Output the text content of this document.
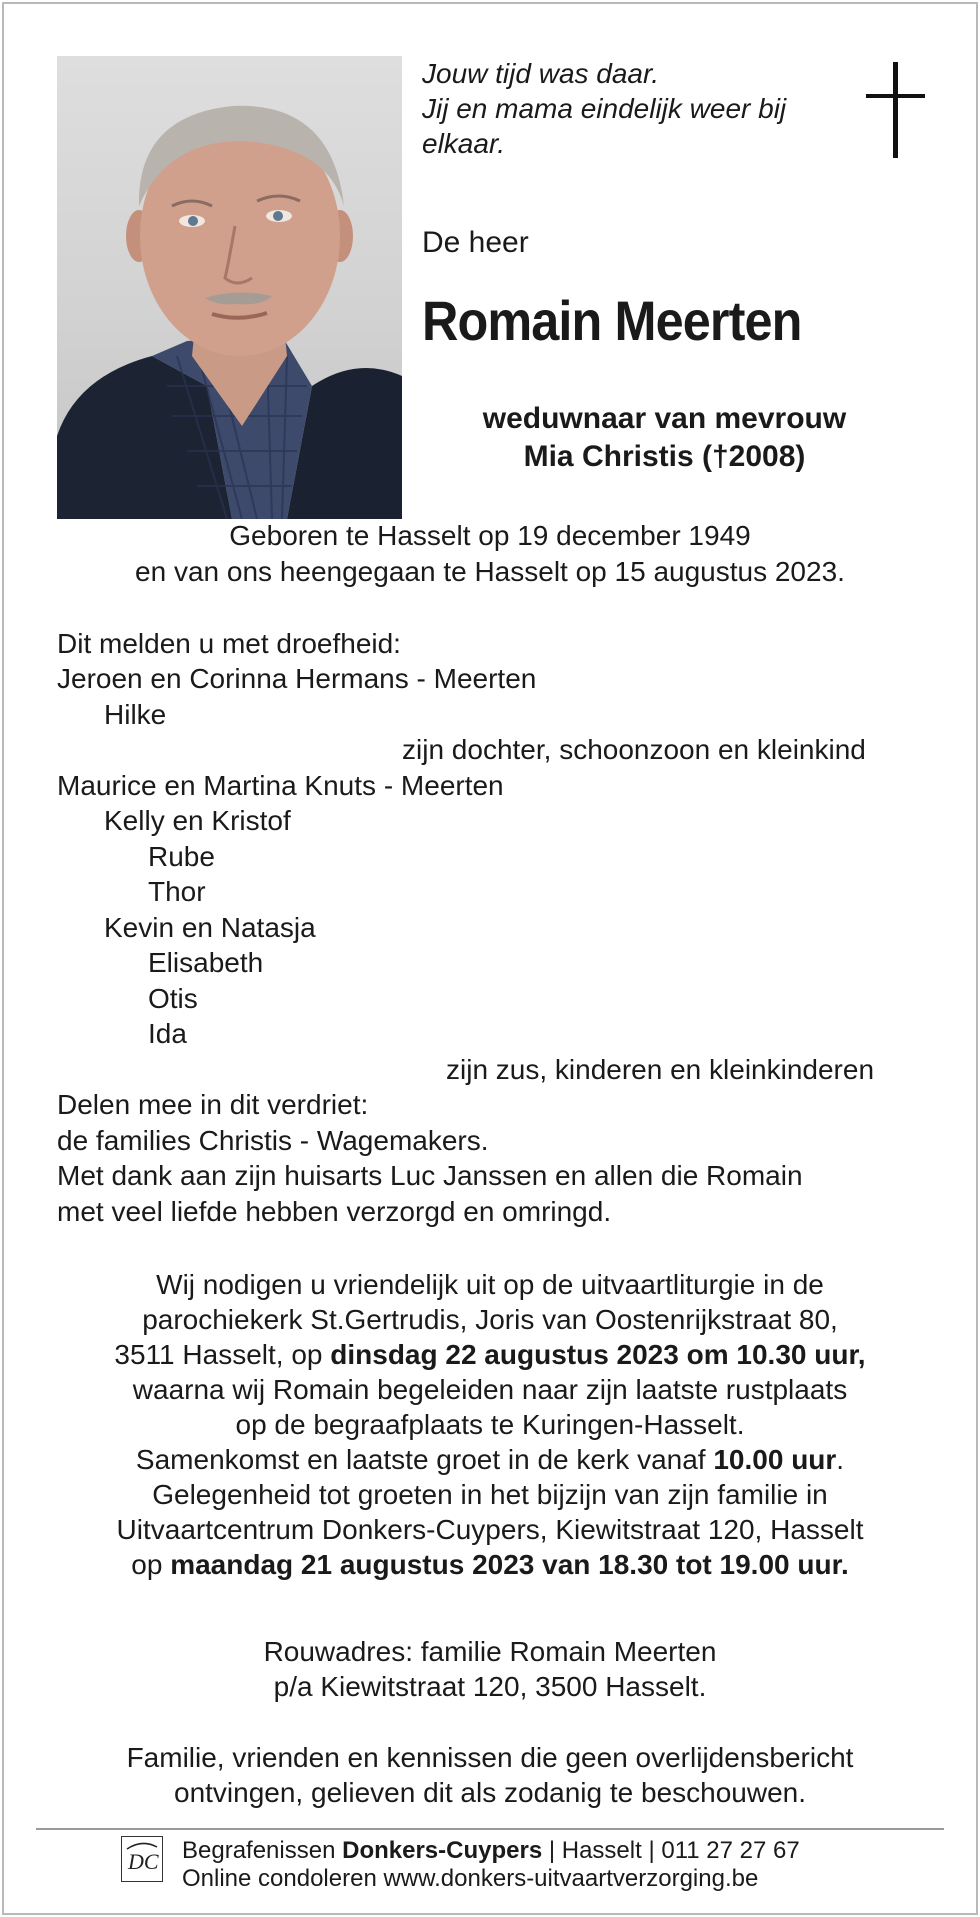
Jouw tijd was daar.
Jij en mama eindelijk weer bij
elkaar.

De heer

Romain Meerten

weduwnaar van mevrouw
Mia Christis (†2008)

Geboren te Hasselt op 19 december 1949
en van ons heengegaan te Hasselt op 15 augustus 2023.

Dit melden u met droefheid:

Jeroen en Corinna Hermans - Meerten

Hilke

zijn dochter, schoonzoon en kleinkind

Maurice en Martina Knuts - Meerten

Kelly en Kristof

Rube

Thor

Kevin en Natasja

Elisabeth

Otis

Ida

zijn zus, kinderen en kleinkinderen

Delen mee in dit verdriet:

de families Christis - Wagemakers.

Met dank aan zijn huisarts Luc Janssen en allen die Romain

met veel liefde hebben verzorgd en omringd.

Wij nodigen u vriendelijk uit op de uitvaartliturgie in de
parochiekerk St.Gertrudis, Joris van Oostenrijkstraat 80,
3511 Hasselt, op dinsdag 22 augustus 2023 om 10.30 uur,
waarna wij Romain begeleiden naar zijn laatste rustplaats
op de begraafplaats te Kuringen-Hasselt.
Samenkomst en laatste groet in de kerk vanaf 10.00 uur.
Gelegenheid tot groeten in het bijzijn van zijn familie in
Uitvaartcentrum Donkers-Cuypers, Kiewitstraat 120, Hasselt
op maandag 21 augustus 2023 van 18.30 tot 19.00 uur.

Rouwadres: familie Romain Meerten
p/a Kiewitstraat 120, 3500 Hasselt.

Familie, vrienden en kennissen die geen overlijdensbericht
ontvingen, gelieven dit als zodanig te beschouwen.

DC Begrafenissen Donkers-Cuypers | Hasselt | 011 27 27 67

Online condoleren www.donkers-uitvaartverzorging.be
